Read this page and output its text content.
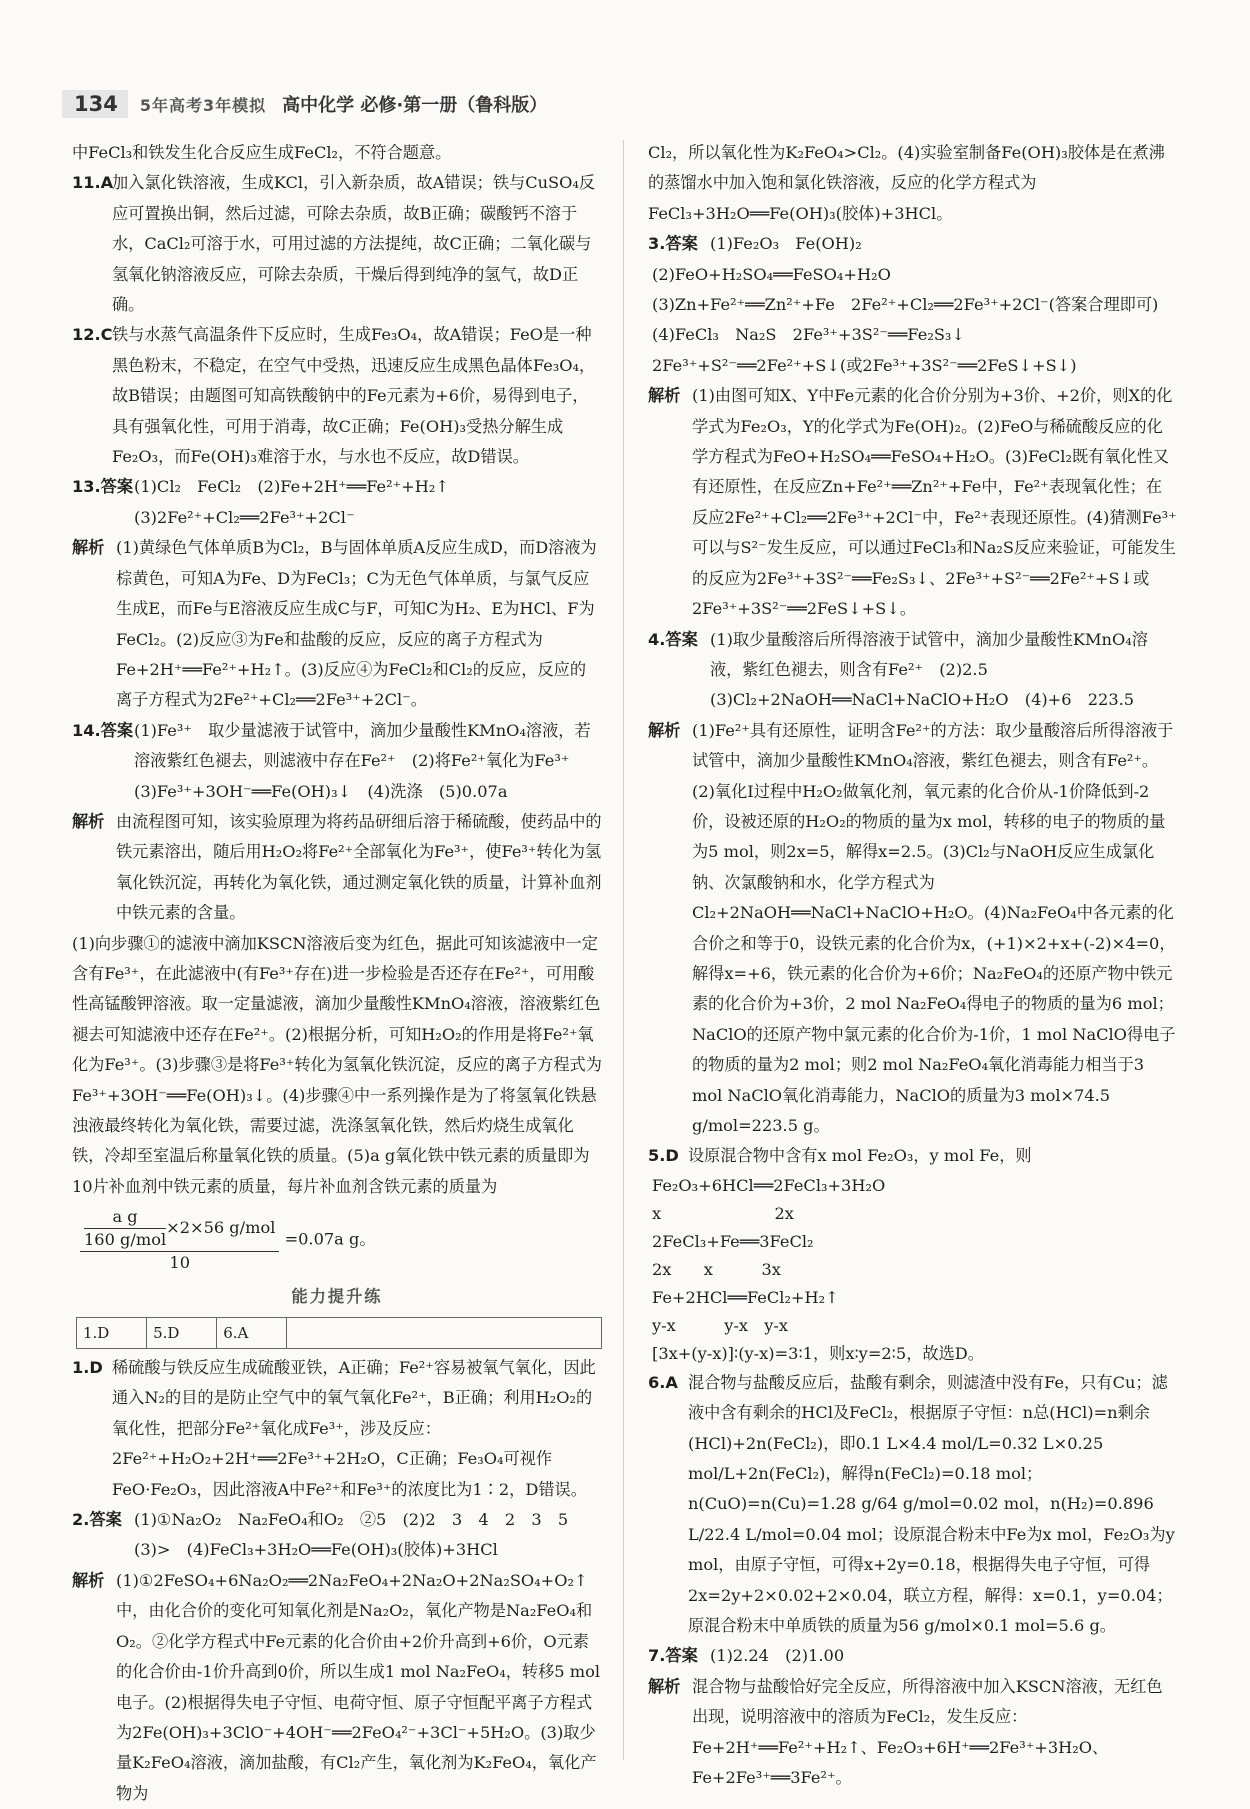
134	5年高考3年模拟 高中化学 必修·第一册（鲁科版）
中FeCl₃和铁发生化合反应生成FeCl₂，不符合题意。
11.A
加入氯化铁溶液，生成KCl，引入新杂质，故A错误；铁与CuSO₄反应可置换出铜，然后过滤，可除去杂质，故B正确；碳酸钙不溶于水，CaCl₂可溶于水，可用过滤的方法提纯，故C正确；二氧化碳与氢氧化钠溶液反应，可除去杂质，干燥后得到纯净的氢气，故D正确。
12.C 铁与水蒸气高温条件下反应时，生成Fe₃O₄，故A错误；FeO是一种黑色粉末，不稳定，在空气中受热，迅速反应生成黑色晶体Fe₃O₄，故B错误；由题图可知高铁酸钠中的Fe元素为+6价，易得到电子，具有强氧化性，可用于消毒，故C正确；Fe(OH)₃受热分解生成Fe₂O₃，而Fe(OH)₃难溶于水，与水也不反应，故D错误。
13.答案 (1)Cl₂　FeCl₂　(2)Fe+2H⁺══Fe²⁺+H₂↑　(3)2Fe²⁺+Cl₂══2Fe³⁺+2Cl⁻
解析 (1)黄绿色气体单质B为Cl₂，B与固体单质A反应生成D，而D溶液为棕黄色，可知A为Fe、D为FeCl₃；C为无色气体单质，与氯气反应生成E，而Fe与E溶液反应生成C与F，可知C为H₂、E为HCl、F为FeCl₂。(2)反应③为Fe和盐酸的反应，反应的离子方程式为Fe+2H⁺══Fe²⁺+H₂↑。(3)反应④为FeCl₂和Cl₂的反应，反应的离子方程式为2Fe²⁺+Cl₂══2Fe³⁺+2Cl⁻。
14.答案 (1)Fe³⁺　取少量滤液于试管中，滴加少量酸性KMnO₄溶液，若溶液紫红色褪去，则滤液中存在Fe²⁺　(2)将Fe²⁺氧化为Fe³⁺　(3)Fe³⁺+3OH⁻══Fe(OH)₃↓　(4)洗涤　(5)0.07a
解析 由流程图可知，该实验原理为将药品研细后溶于稀硫酸，使药品中的铁元素溶出，随后用H₂O₂将Fe²⁺全部氧化为Fe³⁺，使Fe³⁺转化为氢氧化铁沉淀，再转化为氧化铁，通过测定氧化铁的质量，计算补血剂中铁元素的含量。
(1)向步骤①的滤液中滴加KSCN溶液后变为红色，据此可知该滤液中一定含有Fe³⁺，在此滤液中(有Fe³⁺存在)进一步检验是否还存在Fe²⁺，可用酸性高锰酸钾溶液。取一定量滤液，滴加少量酸性KMnO₄溶液，溶液紫红色褪去可知滤液中还存在Fe²⁺。(2)根据分析，可知H₂O₂的作用是将Fe²⁺氧化为Fe³⁺。(3)步骤③是将Fe³⁺转化为氢氧化铁沉淀，反应的离子方程式为Fe³⁺+3OH⁻══Fe(OH)₃↓。(4)步骤④中一系列操作是为了将氢氧化铁悬浊液最终转化为氧化铁，需要过滤，洗涤氢氧化铁，然后灼烧生成氧化铁，冷却至室温后称量氧化铁的质量。(5)a g氧化铁中铁元素的质量即为10片补血剂中铁元素的质量，每片补血剂含铁元素的质量为
$\frac{\frac{\text{a g}}{\text{160 g/mol}} \times 2\times 56 g/mol}{10} =0.07a$ g。
能力提升练
1.D	5.D	6.A	
1.D 稀硫酸与铁反应生成硫酸亚铁，A正确；Fe²⁺容易被氧气氧化，因此通入N₂的目的是防止空气中的氧气氧化Fe²⁺，B正确；利用H₂O₂的氧化性，把部分Fe²⁺氧化成Fe³⁺，涉及反应：2Fe²⁺+H₂O₂+2H⁺══2Fe³⁺+2H₂O，C正确；Fe₃O₄可视作FeO·Fe₂O₃，因此溶液A中Fe²⁺和Fe³⁺的浓度比为1∶2，D错误。
2.答案 (1)①Na₂O₂　Na₂FeO₄和O₂　②5　(2)2　3　4　2　3　5　(3)>　(4)FeCl₃+3H₂O══Fe(OH)₃(胶体)+3HCl
解析 (1)①2FeSO₄+6Na₂O₂══2Na₂FeO₄+2Na₂O+2Na₂SO₄+O₂↑中，由化合价的变化可知氧化剂是Na₂O₂，氧化产物是Na₂FeO₄和O₂。②化学方程式中Fe元素的化合价由+2价升高到+6价，O元素的化合价由-1价升高到0价，所以生成1 mol Na₂FeO₄，转移5 mol电子。(2)根据得失电子守恒、电荷守恒、原子守恒配平离子方程式为2Fe(OH)₃+3ClO⁻+4OH⁻══2FeO₄²⁻+3Cl⁻+5H₂O。(3)取少量K₂FeO₄溶液，滴加盐酸，有Cl₂产生，氧化剂为K₂FeO₄，氧化产物为
Cl₂，所以氧化性为K₂FeO₄>Cl₂。(4)实验室制备Fe(OH)₃胶体是在煮沸的蒸馏水中加入饱和氯化铁溶液，反应的化学方程式为FeCl₃+3H₂O══Fe(OH)₃(胶体)+3HCl。
3.答案 (1)Fe₂O₃　Fe(OH)₂
(2)FeO+H₂SO₄══FeSO₄+H₂O
(3)Zn+Fe²⁺══Zn²⁺+Fe　2Fe²⁺+Cl₂══2Fe³⁺+2Cl⁻(答案合理即可)
(4)FeCl₃　Na₂S　2Fe³⁺+3S²⁻══Fe₂S₃↓　2Fe³⁺+S²⁻══2Fe²⁺+S↓(或2Fe³⁺+3S²⁻══2FeS↓+S↓)
解析 (1)由图可知X、Y中Fe元素的化合价分别为+3价、+2价，则X的化学式为Fe₂O₃，Y的化学式为Fe(OH)₂。(2)FeO与稀硫酸反应的化学方程式为FeO+H₂SO₄══FeSO₄+H₂O。(3)FeCl₂既有氧化性又有还原性，在反应Zn+Fe²⁺══Zn²⁺+Fe中，Fe²⁺表现氧化性；在反应2Fe²⁺+Cl₂══2Fe³⁺+2Cl⁻中，Fe²⁺表现还原性。(4)猜测Fe³⁺可以与S²⁻发生反应，可以通过FeCl₃和Na₂S反应来验证，可能发生的反应为2Fe³⁺+3S²⁻══Fe₂S₃↓、2Fe³⁺+S²⁻══2Fe²⁺+S↓或2Fe³⁺+3S²⁻══2FeS↓+S↓。
4.答案 (1)取少量酸溶后所得溶液于试管中，滴加少量酸性KMnO₄溶液，紫红色褪去，则含有Fe²⁺　(2)2.5　(3)Cl₂+2NaOH══NaCl+NaClO+H₂O　(4)+6　223.5
解析 (1)Fe²⁺具有还原性，证明含Fe²⁺的方法：取少量酸溶后所得溶液于试管中，滴加少量酸性KMnO₄溶液，紫红色褪去，则含有Fe²⁺。(2)氧化Ⅰ过程中H₂O₂做氧化剂，氧元素的化合价从-1价降低到-2价，设被还原的H₂O₂的物质的量为x mol，转移的电子的物质的量为5 mol，则2x=5，解得x=2.5。(3)Cl₂与NaOH反应生成氯化钠、次氯酸钠和水，化学方程式为Cl₂+2NaOH══NaCl+NaClO+H₂O。(4)Na₂FeO₄中各元素的化合价之和等于0，设铁元素的化合价为x，(+1)×2+x+(-2)×4=0，解得x=+6，铁元素的化合价为+6价；Na₂FeO₄的还原产物中铁元素的化合价为+3价，2 mol Na₂FeO₄得电子的物质的量为6 mol；NaClO的还原产物中氯元素的化合价为-1价，1 mol NaClO得电子的物质的量为2 mol；则2 mol Na₂FeO₄氧化消毒能力相当于3 mol NaClO氧化消毒能力，NaClO的质量为3 mol×74.5 g/mol=223.5 g。
5.D 设原混合物中含有x mol Fe₂O₃，y mol Fe，则
Fe₂O₃+6HCl══2FeCl₃+3H₂O
x　　　　　　　2x
2FeCl₃+Fe══3FeCl₂
2x　　x　　　3x
Fe+2HCl══FeCl₂+H₂↑
y-x　　　y-x　y-x
[3x+(y-x)]∶(y-x)=3∶1，则x∶y=2∶5，故选D。
6.A 混合物与盐酸反应后，盐酸有剩余，则滤渣中没有Fe，只有Cu；滤液中含有剩余的HCl及FeCl₂，根据原子守恒：n总(HCl)=n剩余(HCl)+2n(FeCl₂)，即0.1 L×4.4 mol/L=0.32 L×0.25 mol/L+2n(FeCl₂)，解得n(FeCl₂)=0.18 mol；n(CuO)=n(Cu)=1.28 g/64 g/mol=0.02 mol，n(H₂)=0.896 L/22.4 L/mol=0.04 mol；设原混合粉末中Fe为x mol，Fe₂O₃为y mol，由原子守恒，可得x+2y=0.18，根据得失电子守恒，可得2x=2y+2×0.02+2×0.04，联立方程，解得：x=0.1，y=0.04；原混合粉末中单质铁的质量为56 g/mol×0.1 mol=5.6 g。
7.答案 (1)2.24　(2)1.00
解析 混合物与盐酸恰好完全反应，所得溶液中加入KSCN溶液，无红色出现，说明溶液中的溶质为FeCl₂，发生反应：Fe+2H⁺══Fe²⁺+H₂↑、Fe₂O₃+6H⁺══2Fe³⁺+3H₂O、Fe+2Fe³⁺══3Fe²⁺。
